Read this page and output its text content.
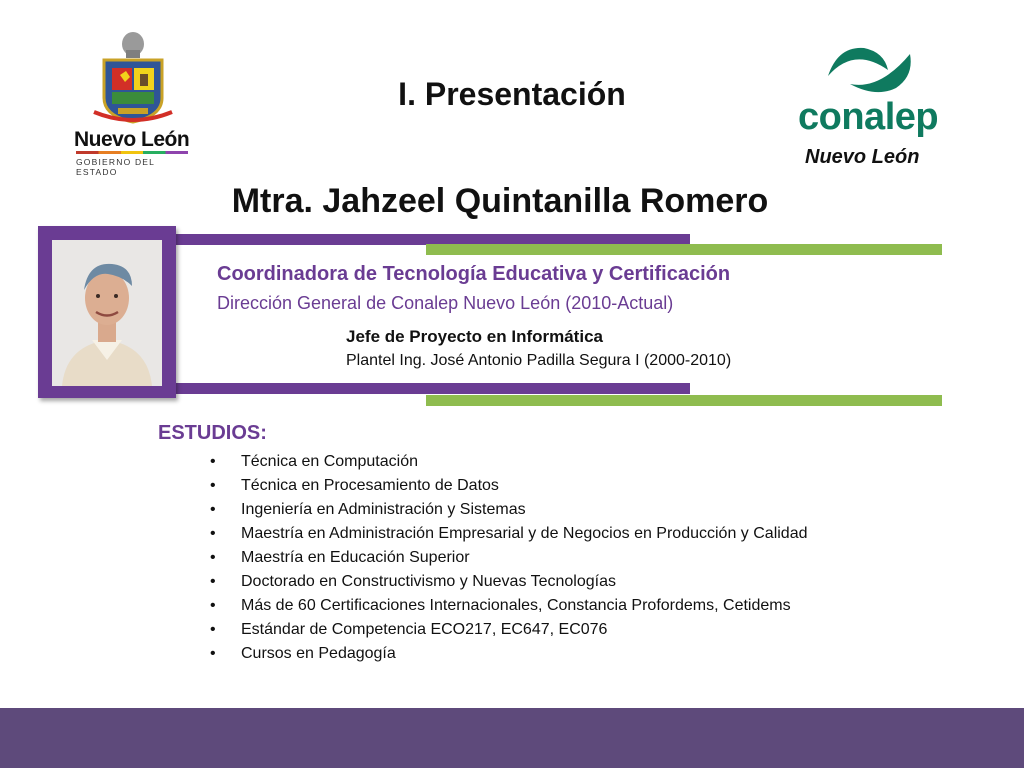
Nuevo León
GOBIERNO DEL ESTADO
conalep
Nuevo León
I. Presentación
Mtra. Jahzeel Quintanilla Romero
Coordinadora de Tecnología Educativa y Certificación
Dirección General de Conalep Nuevo León (2010-Actual)
Jefe de Proyecto en Informática
Plantel Ing. José Antonio Padilla Segura I (2000-2010)
ESTUDIOS:
• Técnica en Computación
• Técnica en Procesamiento de Datos
• Ingeniería en Administración y Sistemas
• Maestría en Administración Empresarial y de Negocios en Producción y Calidad
• Maestría en Educación Superior
• Doctorado en Constructivismo y Nuevas Tecnologías
• Más de 60 Certificaciones Internacionales, Constancia Profordems, Cetidems
• Estándar de Competencia ECO217, EC647, EC076
• Cursos en Pedagogía
